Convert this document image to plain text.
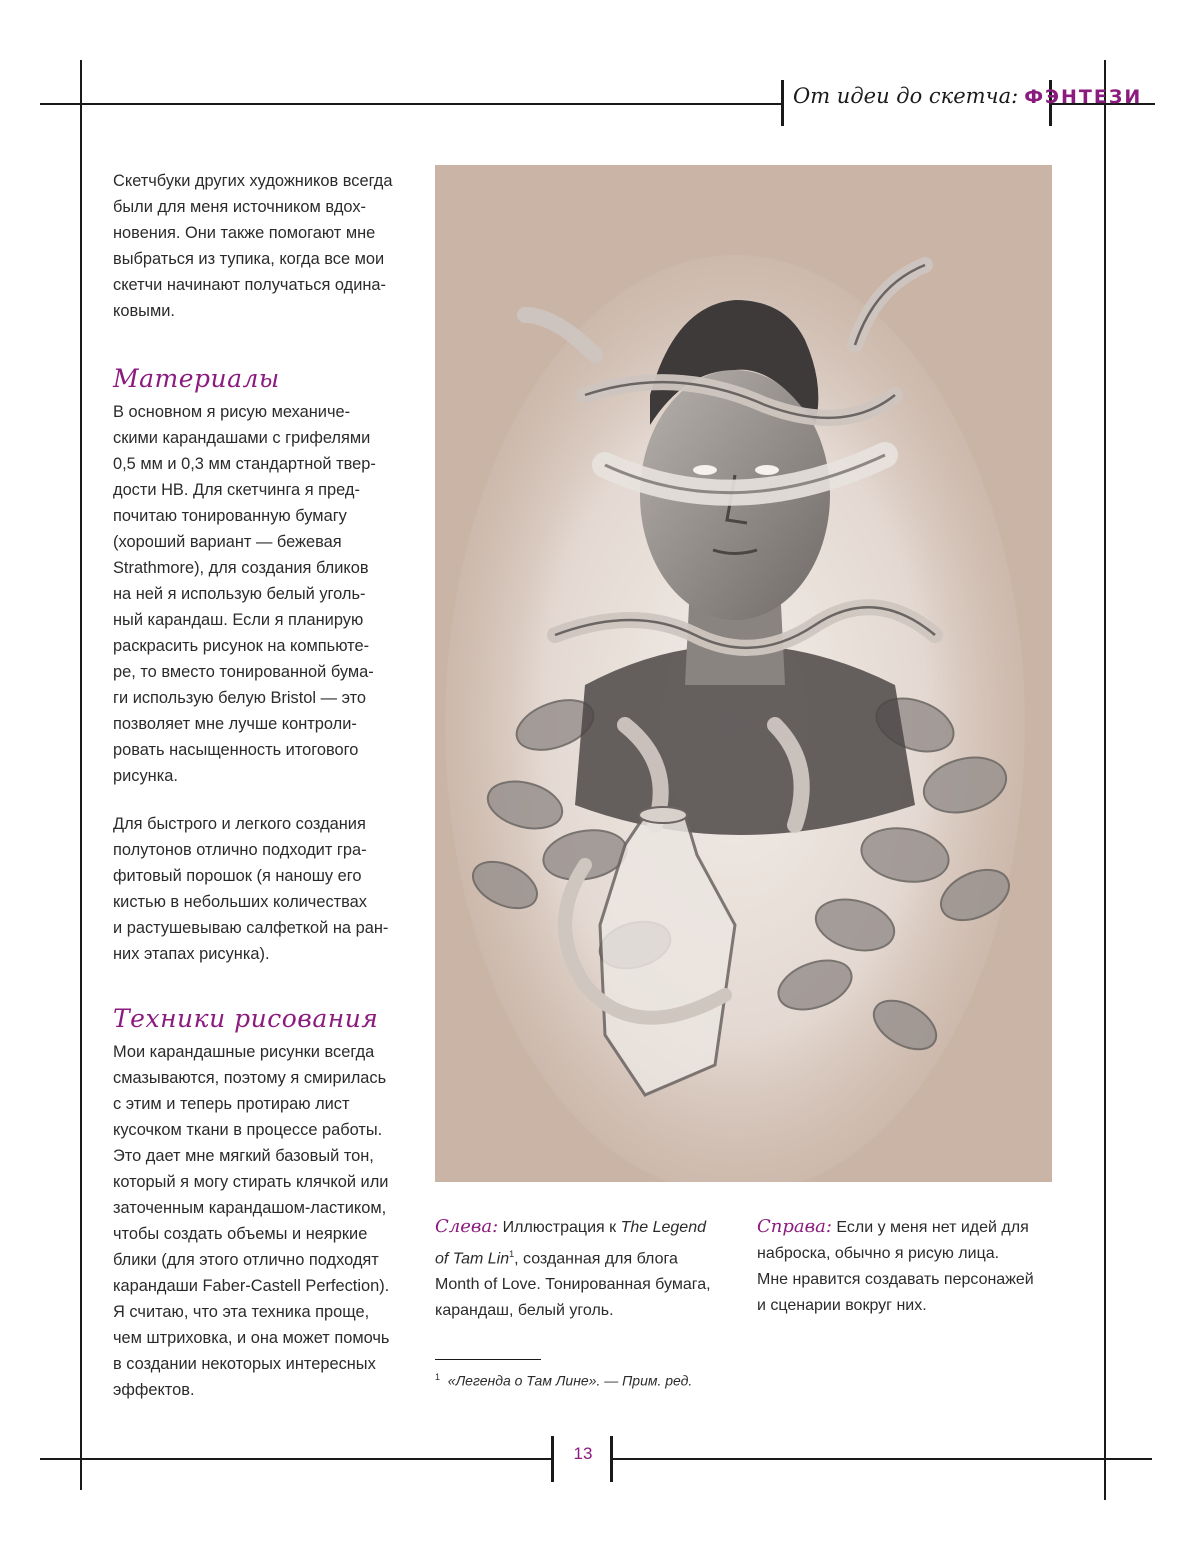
От идеи до скетча: ФЭНТЕЗИ

Скетчбуки других художников всегда
были для меня источником вдох-
новения. Они также помогают мне
выбраться из тупика, когда все мои
скетчи начинают получаться одина-
ковыми.

Материалы

В основном я рисую механиче-
скими карандашами с грифелями
0,5 мм и 0,3 мм стандартной твер-
дости HB. Для скетчинга я пред-
почитаю тонированную бумагу
(хороший вариант — бежевая
Strathmore), для создания бликов
на ней я использую белый уголь-
ный карандаш. Если я планирую
раскрасить рисунок на компьюте-
ре, то вместо тонированной бума-
ги использую белую Bristol — это
позволяет мне лучше контроли-
ровать насыщенность итогового
рисунка.

Для быстрого и легкого создания
полутонов отлично подходит гра-
фитовый порошок (я наношу его
кистью в небольших количествах
и растушевываю салфеткой на ран-
них этапах рисунка).

Техники рисования

Мои карандашные рисунки всегда
смазываются, поэтому я смирилась
с этим и теперь протираю лист
кусочком ткани в процессе работы.
Это дает мне мягкий базовый тон,
который я могу стирать клячкой или
заточенным карандашом-ластиком,
чтобы создать объемы и неяркие
блики (для этого отлично подходят
карандаши Faber-Castell Perfection).
Я считаю, что эта техника проще,
чем штриховка, и она может помочь
в создании некоторых интересных
эффектов.

Слева: Иллюстрация к The Legend
of Tam Lin$^1$, созданная для блога
Month of Love. Тонированная бумага,
карандаш, белый уголь.

Справа: Если у меня нет идей для
наброска, обычно я рисую лица.
Мне нравится создавать персонажей
и сценарии вокруг них.

$^1$ «Легенда о Там Лине». — Прим. ред.
13
